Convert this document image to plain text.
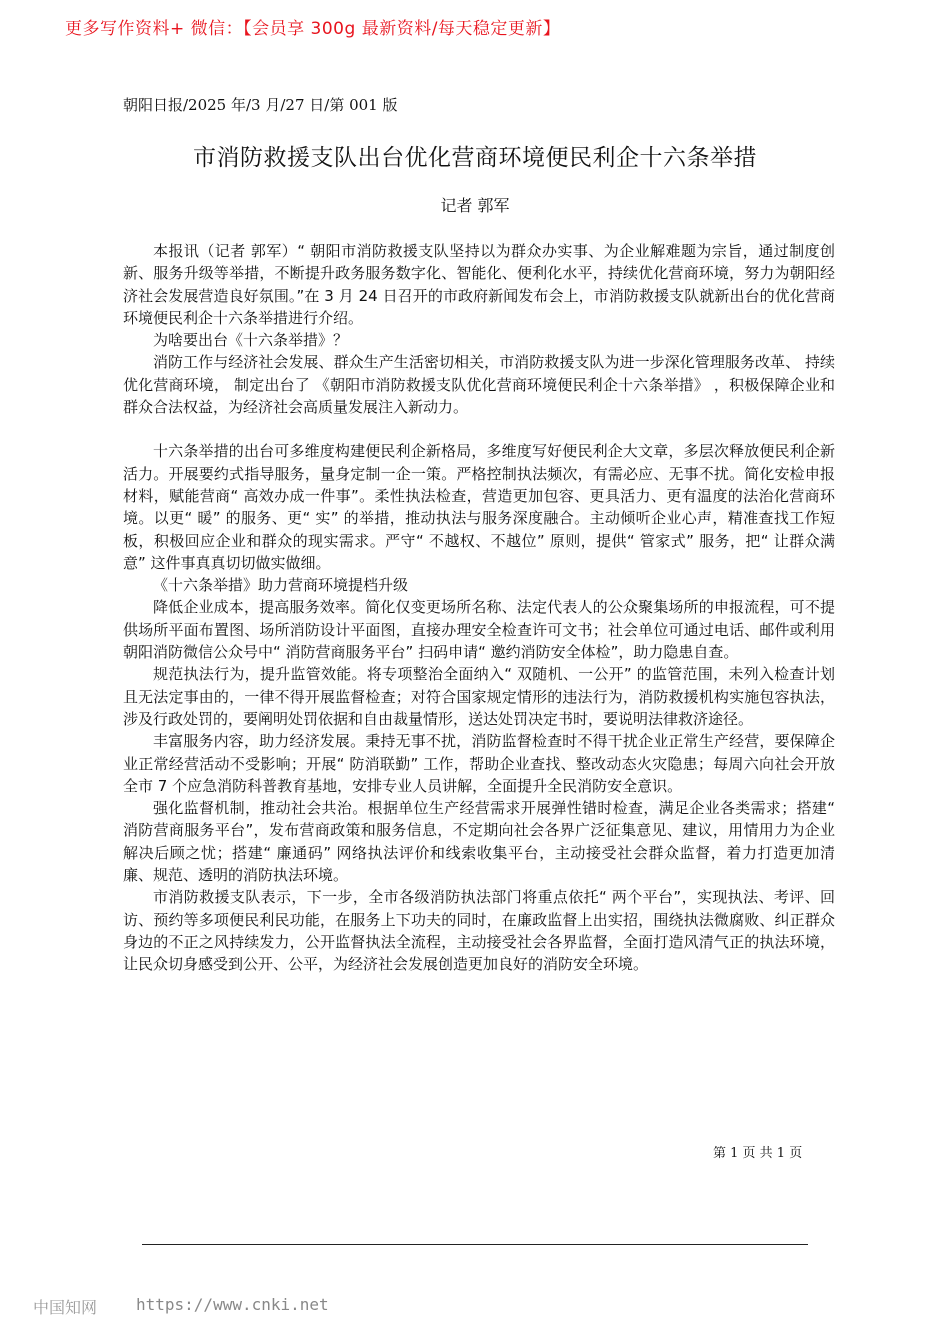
更多写作资料+ 微信：【会员享 300g 最新资料/每天稳定更新】
朝阳日报/2025 年/3 月/27 日/第 001 版
市消防救援支队出台优化营商环境便民利企十六条举措
记者 郭军

本报讯（记者 郭军）“ 朝阳市消防救援支队坚持以为群众办实事、为企业解难题为宗旨，通过制度创新、服务升级等举措，不断提升政务服务数字化、智能化、便利化水平，持续优化营商环境，努力为朝阳经济社会发展营造良好氛围。”在 3 月 24 日召开的市政府新闻发布会上，市消防救援支队就新出台的优化营商环境便民利企十六条举措进行介绍。

为啥要出台《十六条举措》？

消防工作与经济社会发展、群众生产生活密切相关，市消防救援支队为进一步深化管理服务改革、 持续优化营商环境， 制定出台了 《朝阳市消防救援支队优化营商环境便民利企十六条举措》 ，积极保障企业和群众合法权益，为经济社会高质量发展注入新动力。

十六条举措的出台可多维度构建便民利企新格局，多维度写好便民利企大文章，多层次释放便民利企新活力。开展要约式指导服务，量身定制一企一策。严格控制执法频次，有需必应、无事不扰。简化安检申报材料，赋能营商“ 高效办成一件事”。柔性执法检查，营造更加包容、更具活力、更有温度的法治化营商环境。以更“ 暖” 的服务、更“ 实” 的举措，推动执法与服务深度融合。主动倾听企业心声，精准查找工作短板，积极回应企业和群众的现实需求。严守“ 不越权、不越位” 原则，提供“ 管家式” 服务，把“ 让群众满意” 这件事真真切切做实做细。

《十六条举措》助力营商环境提档升级

降低企业成本，提高服务效率。简化仅变更场所名称、法定代表人的公众聚集场所的申报流程，可不提供场所平面布置图、场所消防设计平面图，直接办理安全检查许可文书；社会单位可通过电话、邮件或利用朝阳消防微信公众号中“ 消防营商服务平台” 扫码申请“ 邀约消防安全体检”，助力隐患自查。

规范执法行为，提升监管效能。将专项整治全面纳入“ 双随机、一公开” 的监管范围，未列入检查计划且无法定事由的，一律不得开展监督检查；对符合国家规定情形的违法行为，消防救援机构实施包容执法，涉及行政处罚的，要阐明处罚依据和自由裁量情形，送达处罚决定书时，要说明法律救济途径。

丰富服务内容，助力经济发展。秉持无事不扰，消防监督检查时不得干扰企业正常生产经营，要保障企业正常经营活动不受影响；开展“ 防消联勤” 工作，帮助企业查找、整改动态火灾隐患；每周六向社会开放全市 7 个应急消防科普教育基地，安排专业人员讲解，全面提升全民消防安全意识。

强化监督机制，推动社会共治。根据单位生产经营需求开展弹性错时检查，满足企业各类需求；搭建“ 消防营商服务平台”，发布营商政策和服务信息，不定期向社会各界广泛征集意见、建议，用情用力为企业解决后顾之忧；搭建“ 廉通码” 网络执法评价和线索收集平台，主动接受社会群众监督，着力打造更加清廉、规范、透明的消防执法环境。

市消防救援支队表示，下一步，全市各级消防执法部门将重点依托“ 两个平台”，实现执法、考评、回访、预约等多项便民利民功能，在服务上下功夫的同时，在廉政监督上出实招，围绕执法微腐败、纠正群众身边的不正之风持续发力，公开监督执法全流程，主动接受社会各界监督，全面打造风清气正的执法环境，让民众切身感受到公开、公平，为经济社会发展创造更加良好的消防安全环境。

第 1 页 共 1 页
中国知网 https://www.cnki.net
